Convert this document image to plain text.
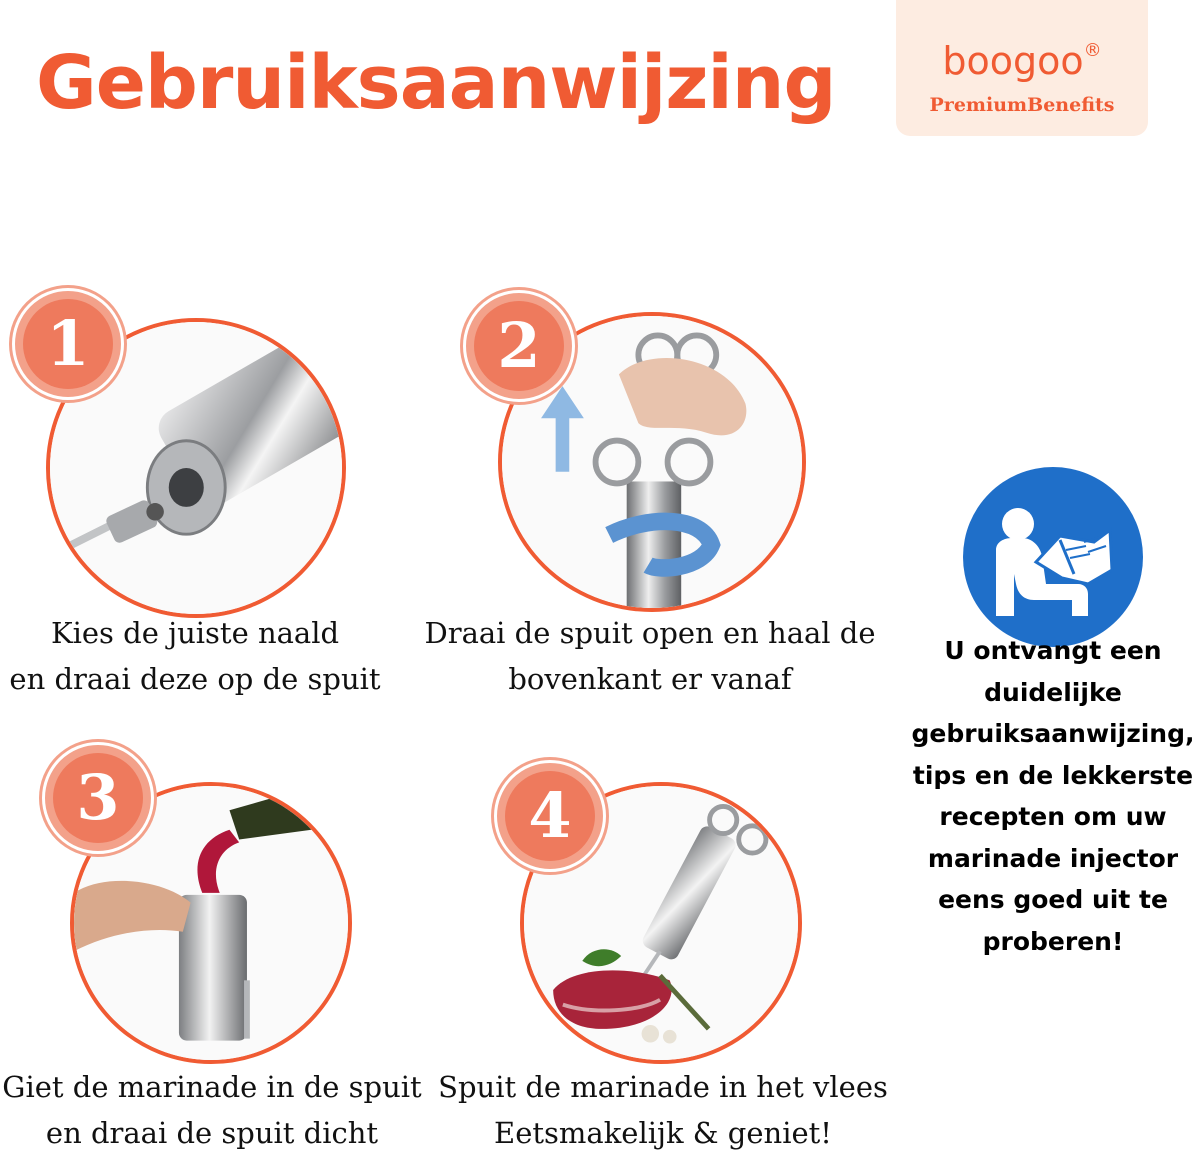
Gebruiksaanwijzing	boogoo®
PremiumBenefits
1
Kies de juiste naald
en draai deze op de spuit
2
Draai de spuit open en haal de
bovenkant er vanaf
3
Giet de marinade in de spuit
en draai de spuit dicht
4
Spuit de marinade in het vlees
Eetsmakelijk & geniet!
U ontvangt een duidelijke gebruiksaanwijzing, tips en de lekkerste recepten om uw marinade injector eens goed uit te proberen!
